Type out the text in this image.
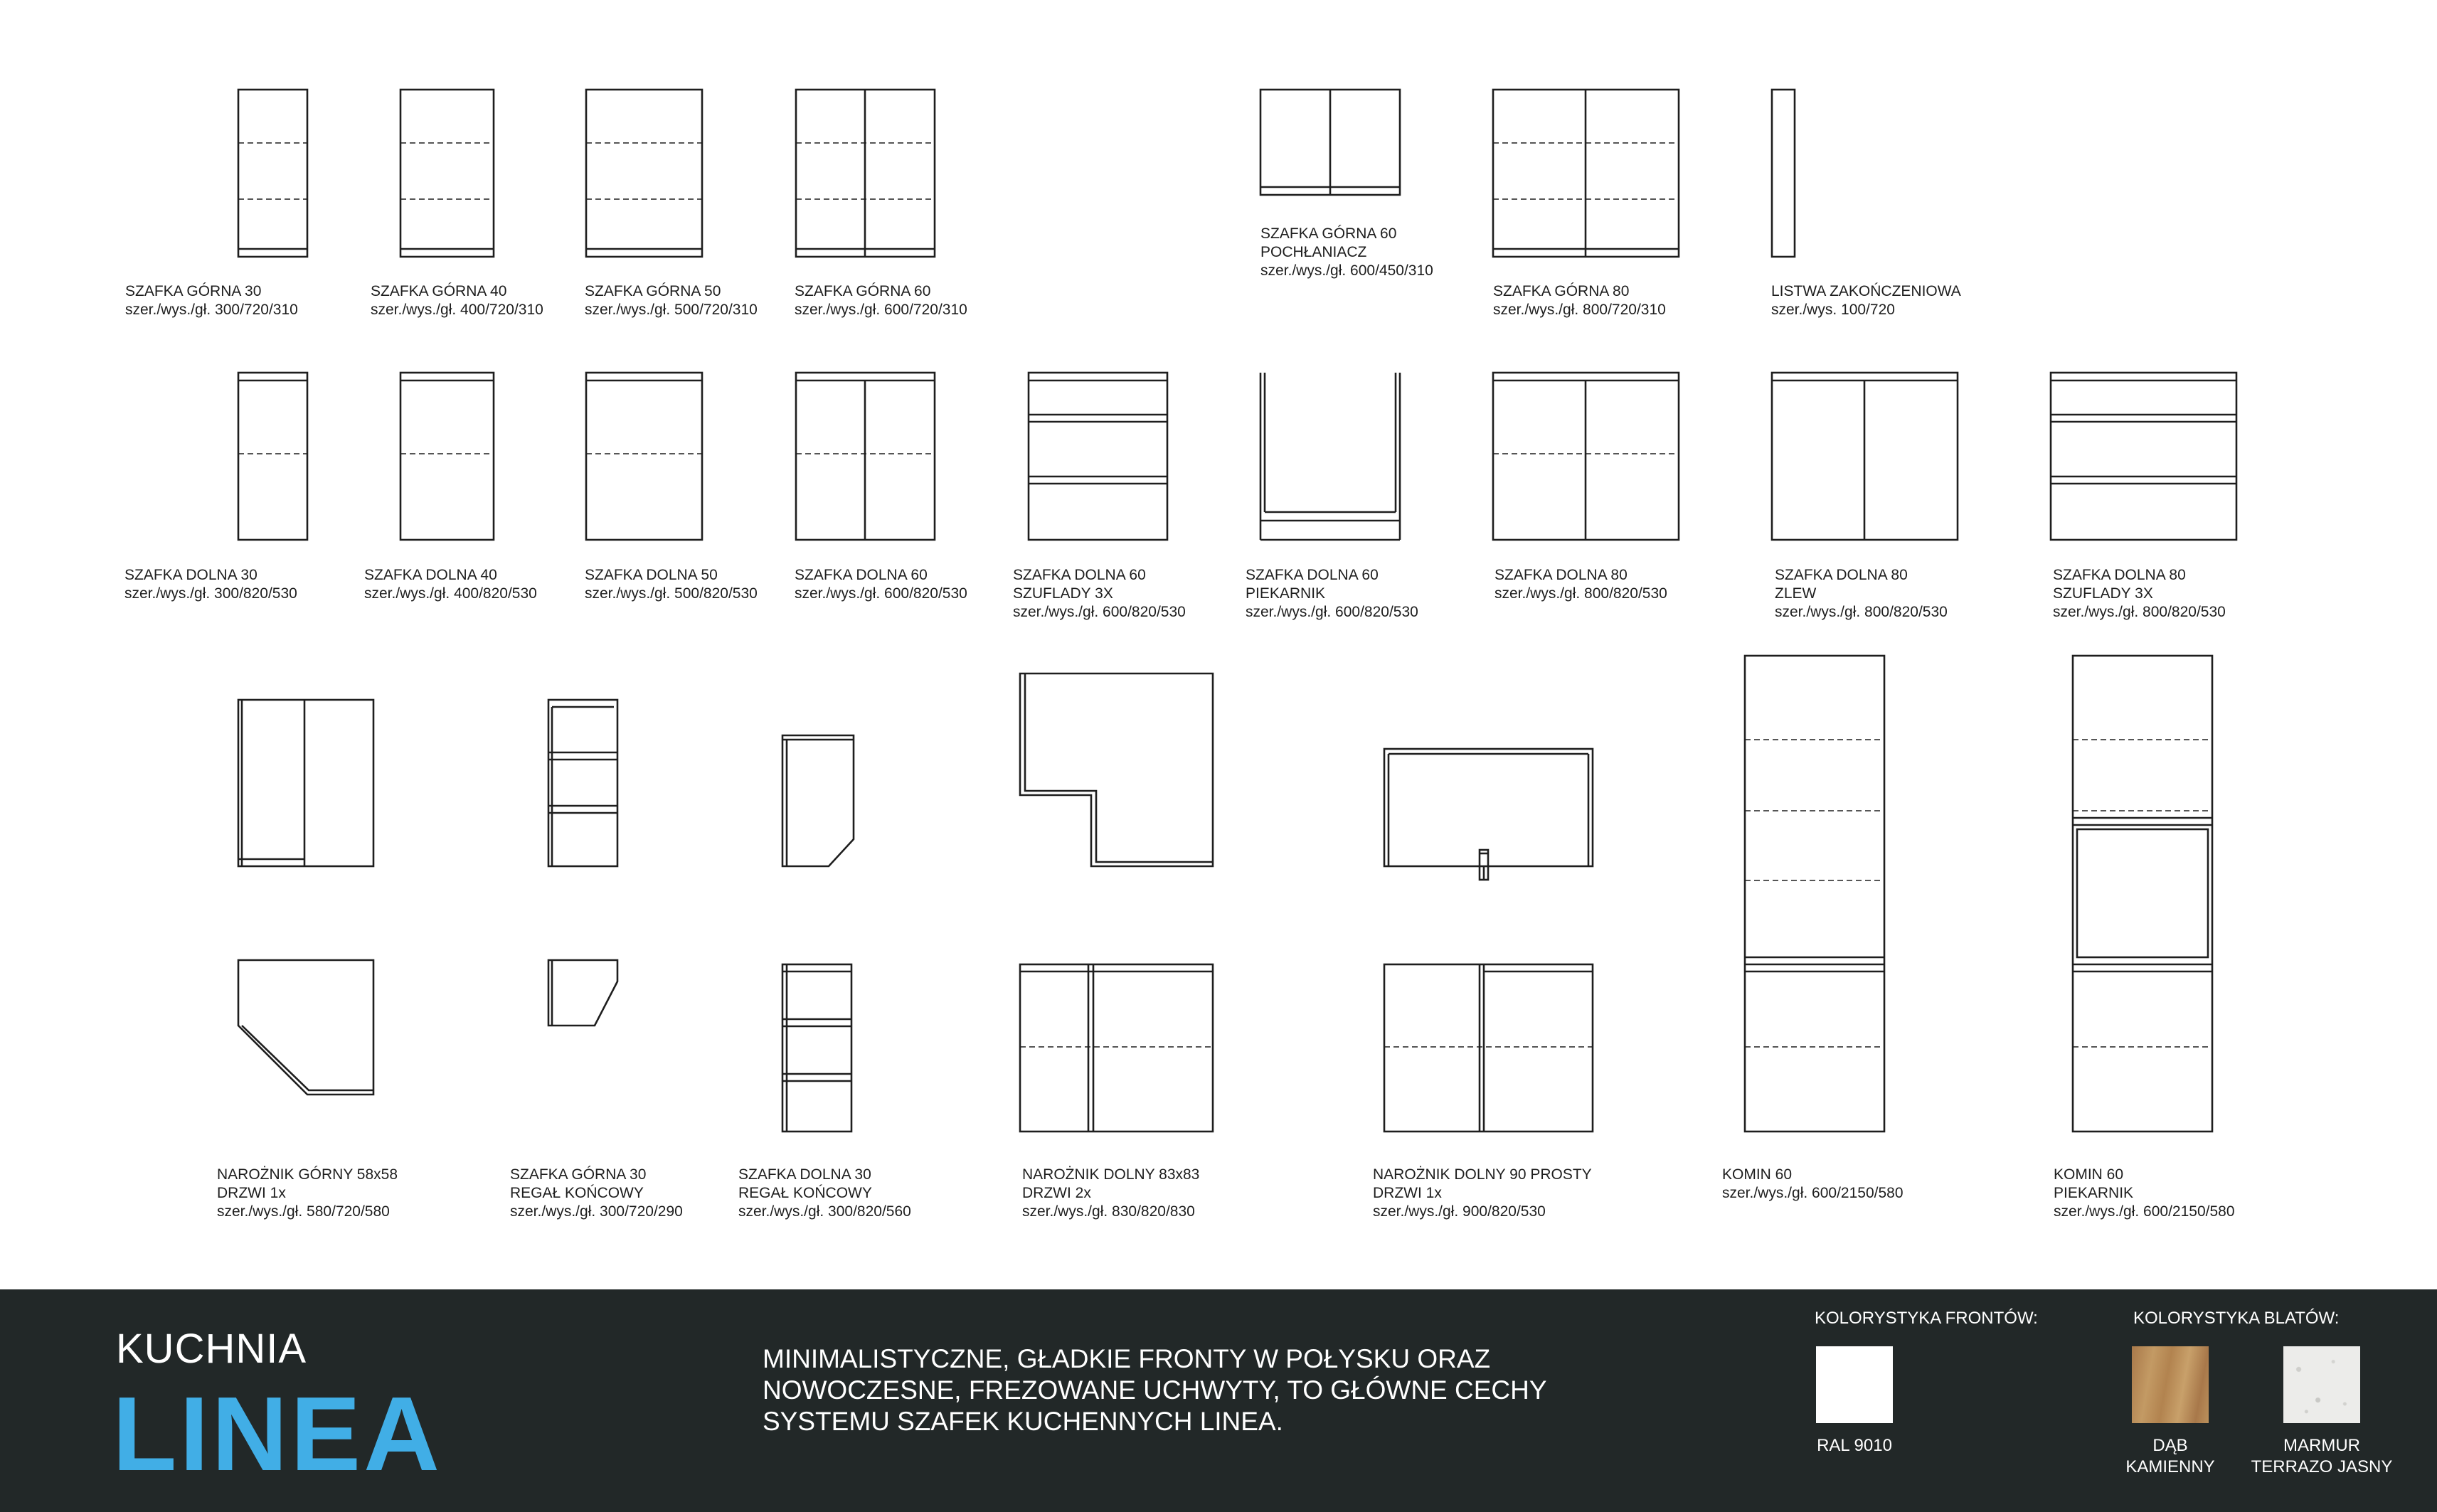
SZAFKA GÓRNA 30 szer./wys./gł. 300/720/310
SZAFKA GÓRNA 40 szer./wys./gł. 400/720/310
SZAFKA GÓRNA 50 szer./wys./gł. 500/720/310
SZAFKA GÓRNA 60 szer./wys./gł. 600/720/310
SZAFKA GÓRNA 60 POCHŁANIACZ szer./wys./gł. 600/450/310
SZAFKA GÓRNA 80 szer./wys./gł. 800/720/310
LISTWA ZAKOŃCZENIOWA szer./wys. 100/720
SZAFKA DOLNA 30 szer./wys./gł. 300/820/530
SZAFKA DOLNA 40 szer./wys./gł. 400/820/530
SZAFKA DOLNA 50 szer./wys./gł. 500/820/530
SZAFKA DOLNA 60 szer./wys./gł. 600/820/530
SZAFKA DOLNA 60 SZUFLADY 3X szer./wys./gł. 600/820/530
SZAFKA DOLNA 60 PIEKARNIK szer./wys./gł. 600/820/530
SZAFKA DOLNA 80 szer./wys./gł. 800/820/530
SZAFKA DOLNA 80 ZLEW szer./wys./gł. 800/820/530
SZAFKA DOLNA 80 SZUFLADY 3X szer./wys./gł. 800/820/530
NAROŻNIK GÓRNY 58x58 DRZWI 1x szer./wys./gł. 580/720/580
SZAFKA GÓRNA 30 REGAŁ KOŃCOWY szer./wys./gł. 300/720/290
SZAFKA DOLNA 30 REGAŁ KOŃCOWY szer./wys./gł. 300/820/560
NAROŻNIK DOLNY 83x83 DRZWI 2x szer./wys./gł. 830/820/830
NAROŻNIK DOLNY 90 PROSTY DRZWI 1x szer./wys./gł. 900/820/530
KOMIN 60 szer./wys./gł. 600/2150/580
KOMIN 60 PIEKARNIK szer./wys./gł. 600/2150/580
KUCHNIA
LINEA
MINIMALISTYCZNE, GŁADKIE FRONTY W POŁYSKU ORAZ
NOWOCZESNE, FREZOWANE UCHWYTY, TO GŁÓWNE CECHY
SYSTEMU SZAFEK KUCHENNYCH LINEA.
KOLORYSTYKA FRONTÓW:
RAL 9010
KOLORYSTYKA BLATÓW:
DĄB
KAMIENNY
MARMUR
TERRAZO JASNY
